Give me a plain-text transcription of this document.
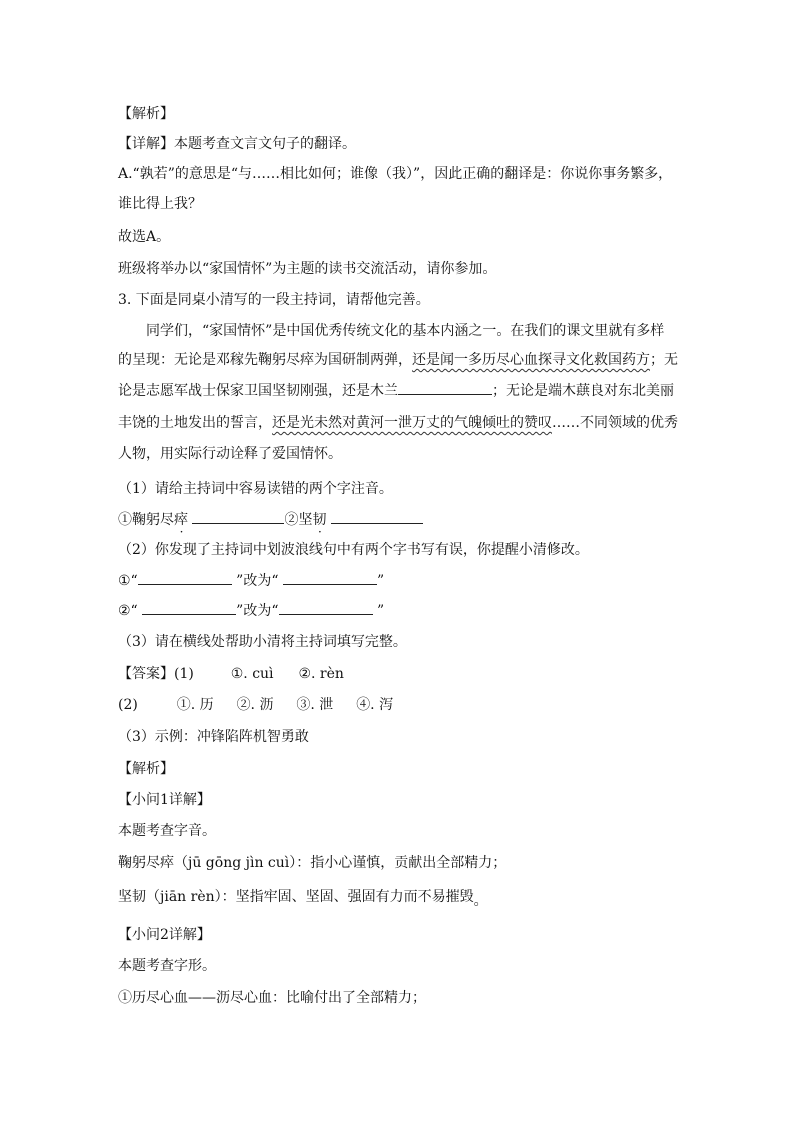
【解析】
【详解】本题考查文言文句子的翻译。
A.“孰若”的意思是“与……相比如何；谁像（我）”，因此正确的翻译是：你说你事务繁多，
谁比得上我？
故选A。
班级将举办以“家国情怀”为主题的读书交流活动，请你参加。
3. 下面是同桌小清写的一段主持词，请帮他完善。
同学们，“家国情怀”是中国优秀传统文化的基本内涵之一。在我们的课文里就有多样
的呈现：无论是邓稼先鞠躬尽瘁为国研制两弹，还是闻一多历尽心血探寻文化救国药方；无
论是志愿军战士保家卫国坚韧刚强，还是木兰	；无论是端木蕻良对东北美丽
丰饶的土地发出的誓言，还是光未然对黄河一泄万丈的气魄倾吐的赞叹……不同领域的优秀
人物，用实际行动诠释了爱国情怀。
（1）请给主持词中容易读错的两个字注音。
①鞠躬尽瘁	②坚韧
（2）你发现了主持词中划波浪线句中有两个字书写有误，你提醒小清修改。
①“	”改为“	”
②“	”改为“	”
（3）请在横线处帮助小清将主持词填写完整。
【答案】(1)	①. cuì ②. rèn
(2)	①. 历 ②. 沥 ③. 泄 ④. 泻
（3）示例：冲锋陷阵机智勇敢
【解析】
【小问1详解】
本题考查字音。
鞠躬尽瘁（jū gōng jìn cuì）：指小心谨慎，贡献出全部精力；
坚韧（jiān rèn）：坚指牢固、坚固、强固有力而不易摧毁。
【小问2详解】
本题考查字形。
①历尽心血——沥尽心血：比喻付出了全部精力；
